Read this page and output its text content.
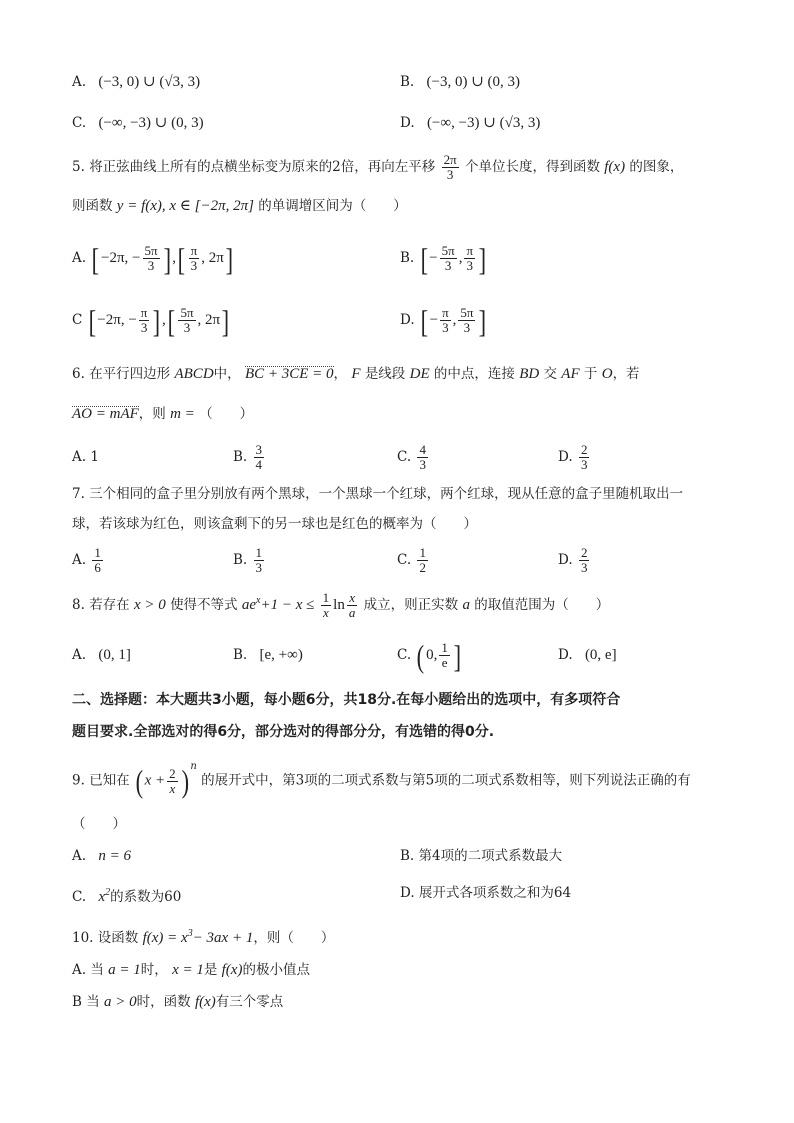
A. (−3, 0) ∪ (√3, 3)	B. (−3, 0) ∪ (0, 3)
C. (−∞, −3) ∪ (0, 3)	D. (−∞, −3) ∪ (√3, 3)
5. 将正弦曲线上所有的点横坐标变为原来的2倍，再向左平移 $\frac{2\pi}{3}$ 个单位长度，得到函数 f(x) 的图象，
则函数 y = f(x), x ∈ [−2π, 2π] 的单调增区间为（　　）
A. [ −2π, − $\frac{5\pi}{3}$ ] ,[ $\frac{\pi}{3}$ , 2π]	B. [ − $\frac{5\pi}{3}$ , $\frac{\pi}{3}$ ]
C [ −2π, − $\frac{\pi}{3}$ ] ,[ $\frac{5\pi}{3}$ , 2π]	D. [ − $\frac{\pi}{3}$ , $\frac{5\pi}{3}$ ]
6. 在平行四边形 ABCD中， BC + 3CE = 0， F 是线段 DE 的中点，连接 BD 交 AF 于 O，若
AO = mAF，则 m = （　　）
A. 1	B. $\frac{3}{4}$	C. $\frac{4}{3}$	D. $\frac{2}{3}$
7. 三个相同的盒子里分别放有两个黑球，一个黑球一个红球，两个红球，现从任意的盒子里随机取出一
球，若该球为红色，则该盒剩下的另一球也是红色的概率为（　　）
A. $\frac{1}{6}$	B. $\frac{1}{3}$	C. $\frac{1}{2}$	D. $\frac{2}{3}$
8. 若存在 x > 0 使得不等式 $ae^x+1 - x \le \frac{1}{x}$ $\ln \frac{x}{a}$ 成立，则正实数 a 的取值范围为（　　）
A. (0, 1]	B. [e, +∞)	C. ( 0, $\frac{1}{e}$ ]	D. (0, e]
二、选择题：本大题共3小题，每小题6分，共18分.在每小题给出的选项中，有多项符合
题目要求.全部选对的得6分，部分选对的得部分分，有选错的得0分.
9. 已知在 ( $x + \frac{2}{x}$ ) $^n$ 的展开式中，第3项的二项式系数与第5项的二项式系数相等，则下列说法正确的有
（　　）
A. n = 6	B. 第4项的二项式系数最大
C. $x^2$的系数为60	D. 展开式各项系数之和为64
10. 设函数 $f(x) = x^3- 3ax + 1$，则（　　）
A. 当 a = 1时， x = 1是 f(x)的极小值点
B 当 a > 0时，函数 f(x)有三个零点
